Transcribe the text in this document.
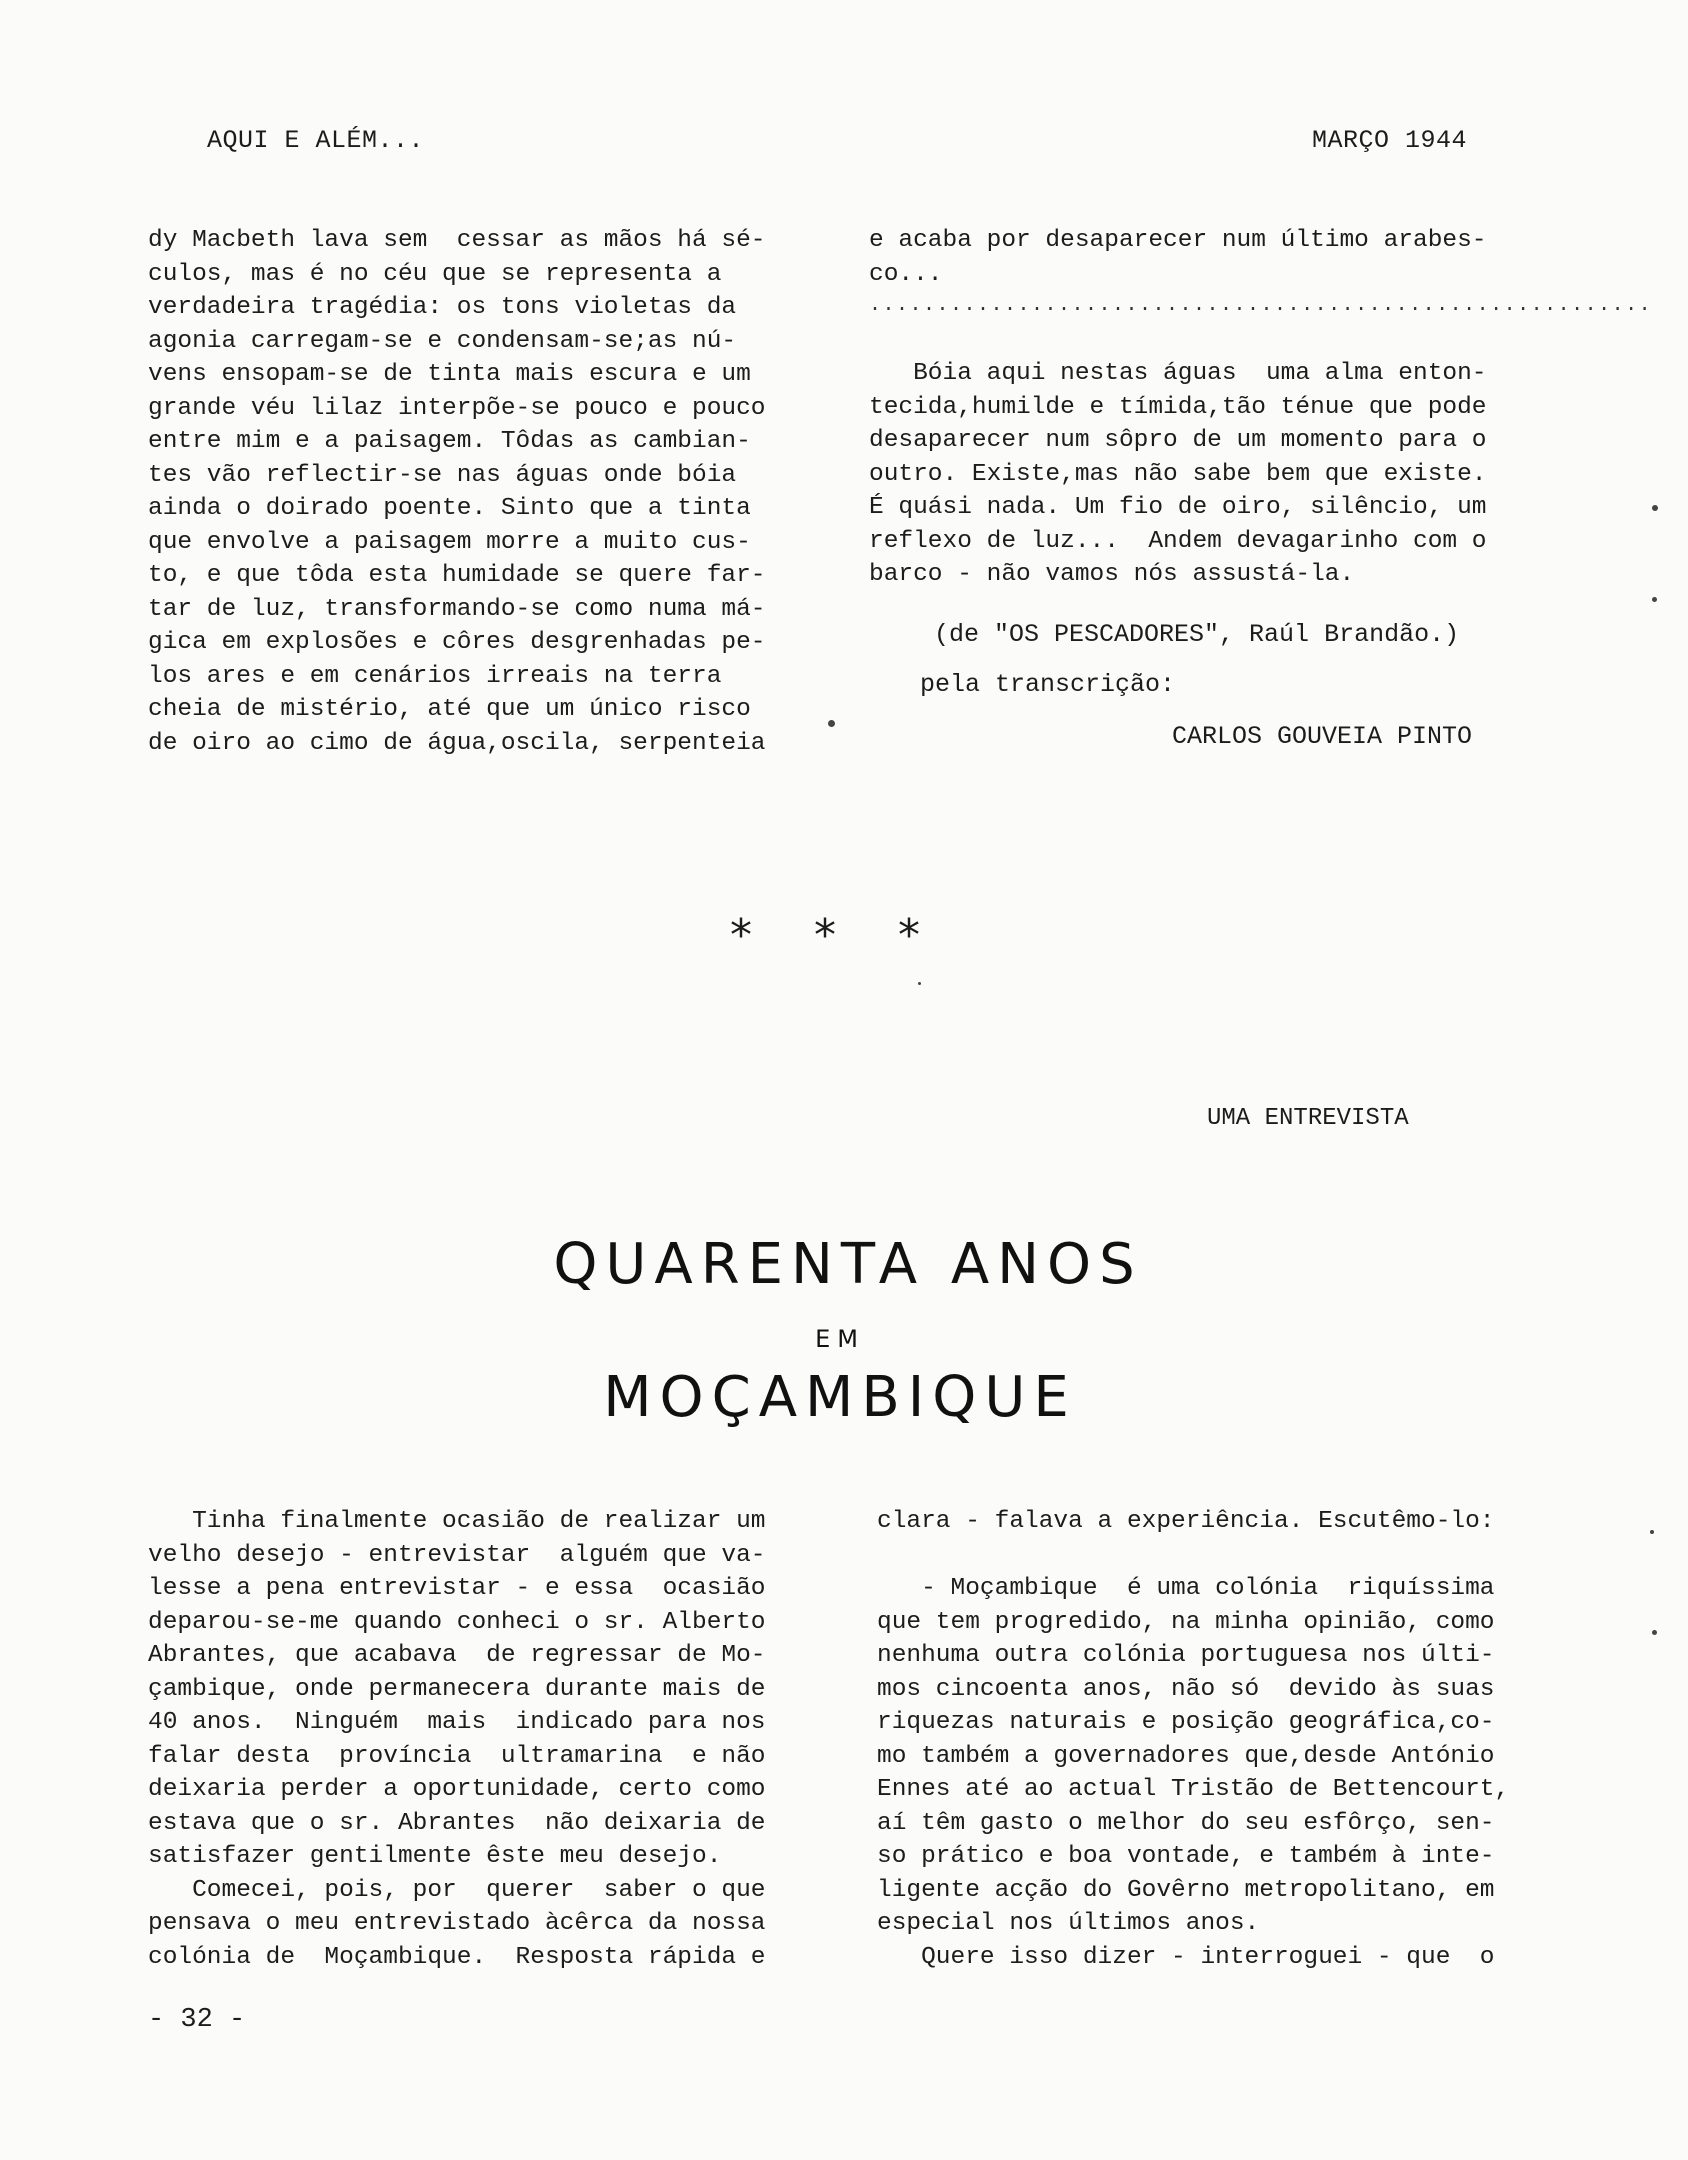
AQUI E ALÉM...	MARÇO 1944
dy Macbeth lava sem  cessar as mãos há sé-
culos, mas é no céu que se representa a
verdadeira tragédia: os tons violetas da
agonia carregam-se e condensam-se;as nú-
vens ensopam-se de tinta mais escura e um
grande véu lilaz interpõe-se pouco e pouco
entre mim e a paisagem. Tôdas as cambian-
tes vão reflectir-se nas águas onde bóia
ainda o doirado poente. Sinto que a tinta
que envolve a paisagem morre a muito cus-
to, e que tôda esta humidade se quere far-
tar de luz, transformando-se como numa má-
gica em explosões e côres desgrenhadas pe-
los ares e em cenários irreais na terra
cheia de mistério, até que um único risco
de oiro ao cimo de água,oscila, serpenteia
e acaba por desaparecer num último arabes-
co...
..........................................................
Bóia aqui nestas águas  uma alma enton-
tecida,humilde e tímida,tão ténue que pode
desaparecer num sôpro de um momento para o
outro. Existe,mas não sabe bem que existe.
É quási nada. Um fio de oiro, silêncio, um
reflexo de luz...  Andem devagarinho com o
barco - não vamos nós assustá-la.
(de "OS PESCADORES", Raúl Brandão.)
pela transcrição:
CARLOS GOUVEIA PINTO
* * *
UMA ENTREVISTA
QUARENTA ANOS
EM
MOÇAMBIQUE
Tinha finalmente ocasião de realizar um
velho desejo - entrevistar  alguém que va-
lesse a pena entrevistar - e essa  ocasião
deparou-se-me quando conheci o sr. Alberto
Abrantes, que acabava  de regressar de Mo-
çambique, onde permanecera durante mais de
40 anos.  Ninguém  mais  indicado para nos
falar desta  província  ultramarina  e não
deixaria perder a oportunidade, certo como
estava que o sr. Abrantes  não deixaria de
satisfazer gentilmente êste meu desejo.
Comecei, pois, por  querer  saber o que
pensava o meu entrevistado àcêrca da nossa
colónia de  Moçambique.  Resposta rápida e
clara - falava a experiência. Escutêmo-lo:
- Moçambique  é uma colónia  riquíssima
que tem progredido, na minha opinião, como
nenhuma outra colónia portuguesa nos últi-
mos cincoenta anos, não só  devido às suas
riquezas naturais e posição geográfica,co-
mo também a governadores que,desde António
Ennes até ao actual Tristão de Bettencourt,
aí têm gasto o melhor do seu esfôrço, sen-
so prático e boa vontade, e também à inte-
ligente acção do Govêrno metropolitano, em
especial nos últimos anos.
Quere isso dizer - interroguei - que  o
- 32 -
